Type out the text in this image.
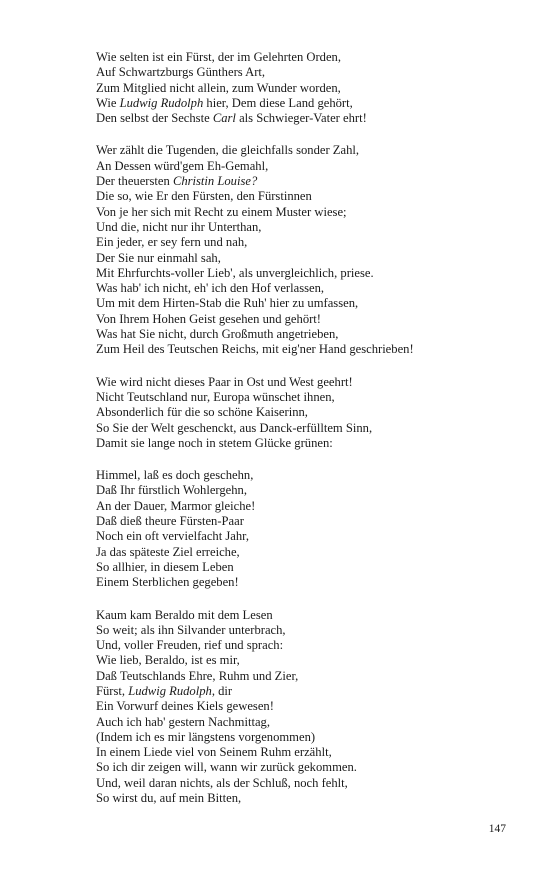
Wie selten ist ein Fürst, der im Gelehrten Orden,
Auf Schwartzburgs Günthers Art,
Zum Mitglied nicht allein, zum Wunder worden,
Wie Ludwig Rudolph hier, Dem diese Land gehört,
Den selbst der Sechste Carl als Schwieger-Vater ehrt!
Wer zählt die Tugenden, die gleichfalls sonder Zahl,
An Dessen würd'gem Eh-Gemahl,
Der theuersten Christin Louise?
Die so, wie Er den Fürsten, den Fürstinnen
Von je her sich mit Recht zu einem Muster wiese;
Und die, nicht nur ihr Unterthan,
Ein jeder, er sey fern und nah,
Der Sie nur einmahl sah,
Mit Ehrfurchts-voller Lieb', als unvergleichlich, priese.
Was hab' ich nicht, eh' ich den Hof verlassen,
Um mit dem Hirten-Stab die Ruh' hier zu umfassen,
Von Ihrem Hohen Geist gesehen und gehört!
Was hat Sie nicht, durch Großmuth angetrieben,
Zum Heil des Teutschen Reichs, mit eig'ner Hand geschrieben!
Wie wird nicht dieses Paar in Ost und West geehrt!
Nicht Teutschland nur, Europa wünschet ihnen,
Absonderlich für die so schöne Kaiserinn,
So Sie der Welt geschenckt, aus Danck-erfülltem Sinn,
Damit sie lange noch in stetem Glücke grünen:
Himmel, laß es doch geschehn,
Daß Ihr fürstlich Wohlergehn,
An der Dauer, Marmor gleiche!
Daß dieß theure Fürsten-Paar
Noch ein oft vervielfacht Jahr,
Ja das späteste Ziel erreiche,
So allhier, in diesem Leben
Einem Sterblichen gegeben!
Kaum kam Beraldo mit dem Lesen
So weit; als ihn Silvander unterbrach,
Und, voller Freuden, rief und sprach:
Wie lieb, Beraldo, ist es mir,
Daß Teutschlands Ehre, Ruhm und Zier,
Fürst, Ludwig Rudolph, dir
Ein Vorwurf deines Kiels gewesen!
Auch ich hab' gestern Nachmittag,
(Indem ich es mir längstens vorgenommen)
In einem Liede viel von Seinem Ruhm erzählt,
So ich dir zeigen will, wann wir zurück gekommen.
Und, weil daran nichts, als der Schluß, noch fehlt,
So wirst du, auf mein Bitten,
147
